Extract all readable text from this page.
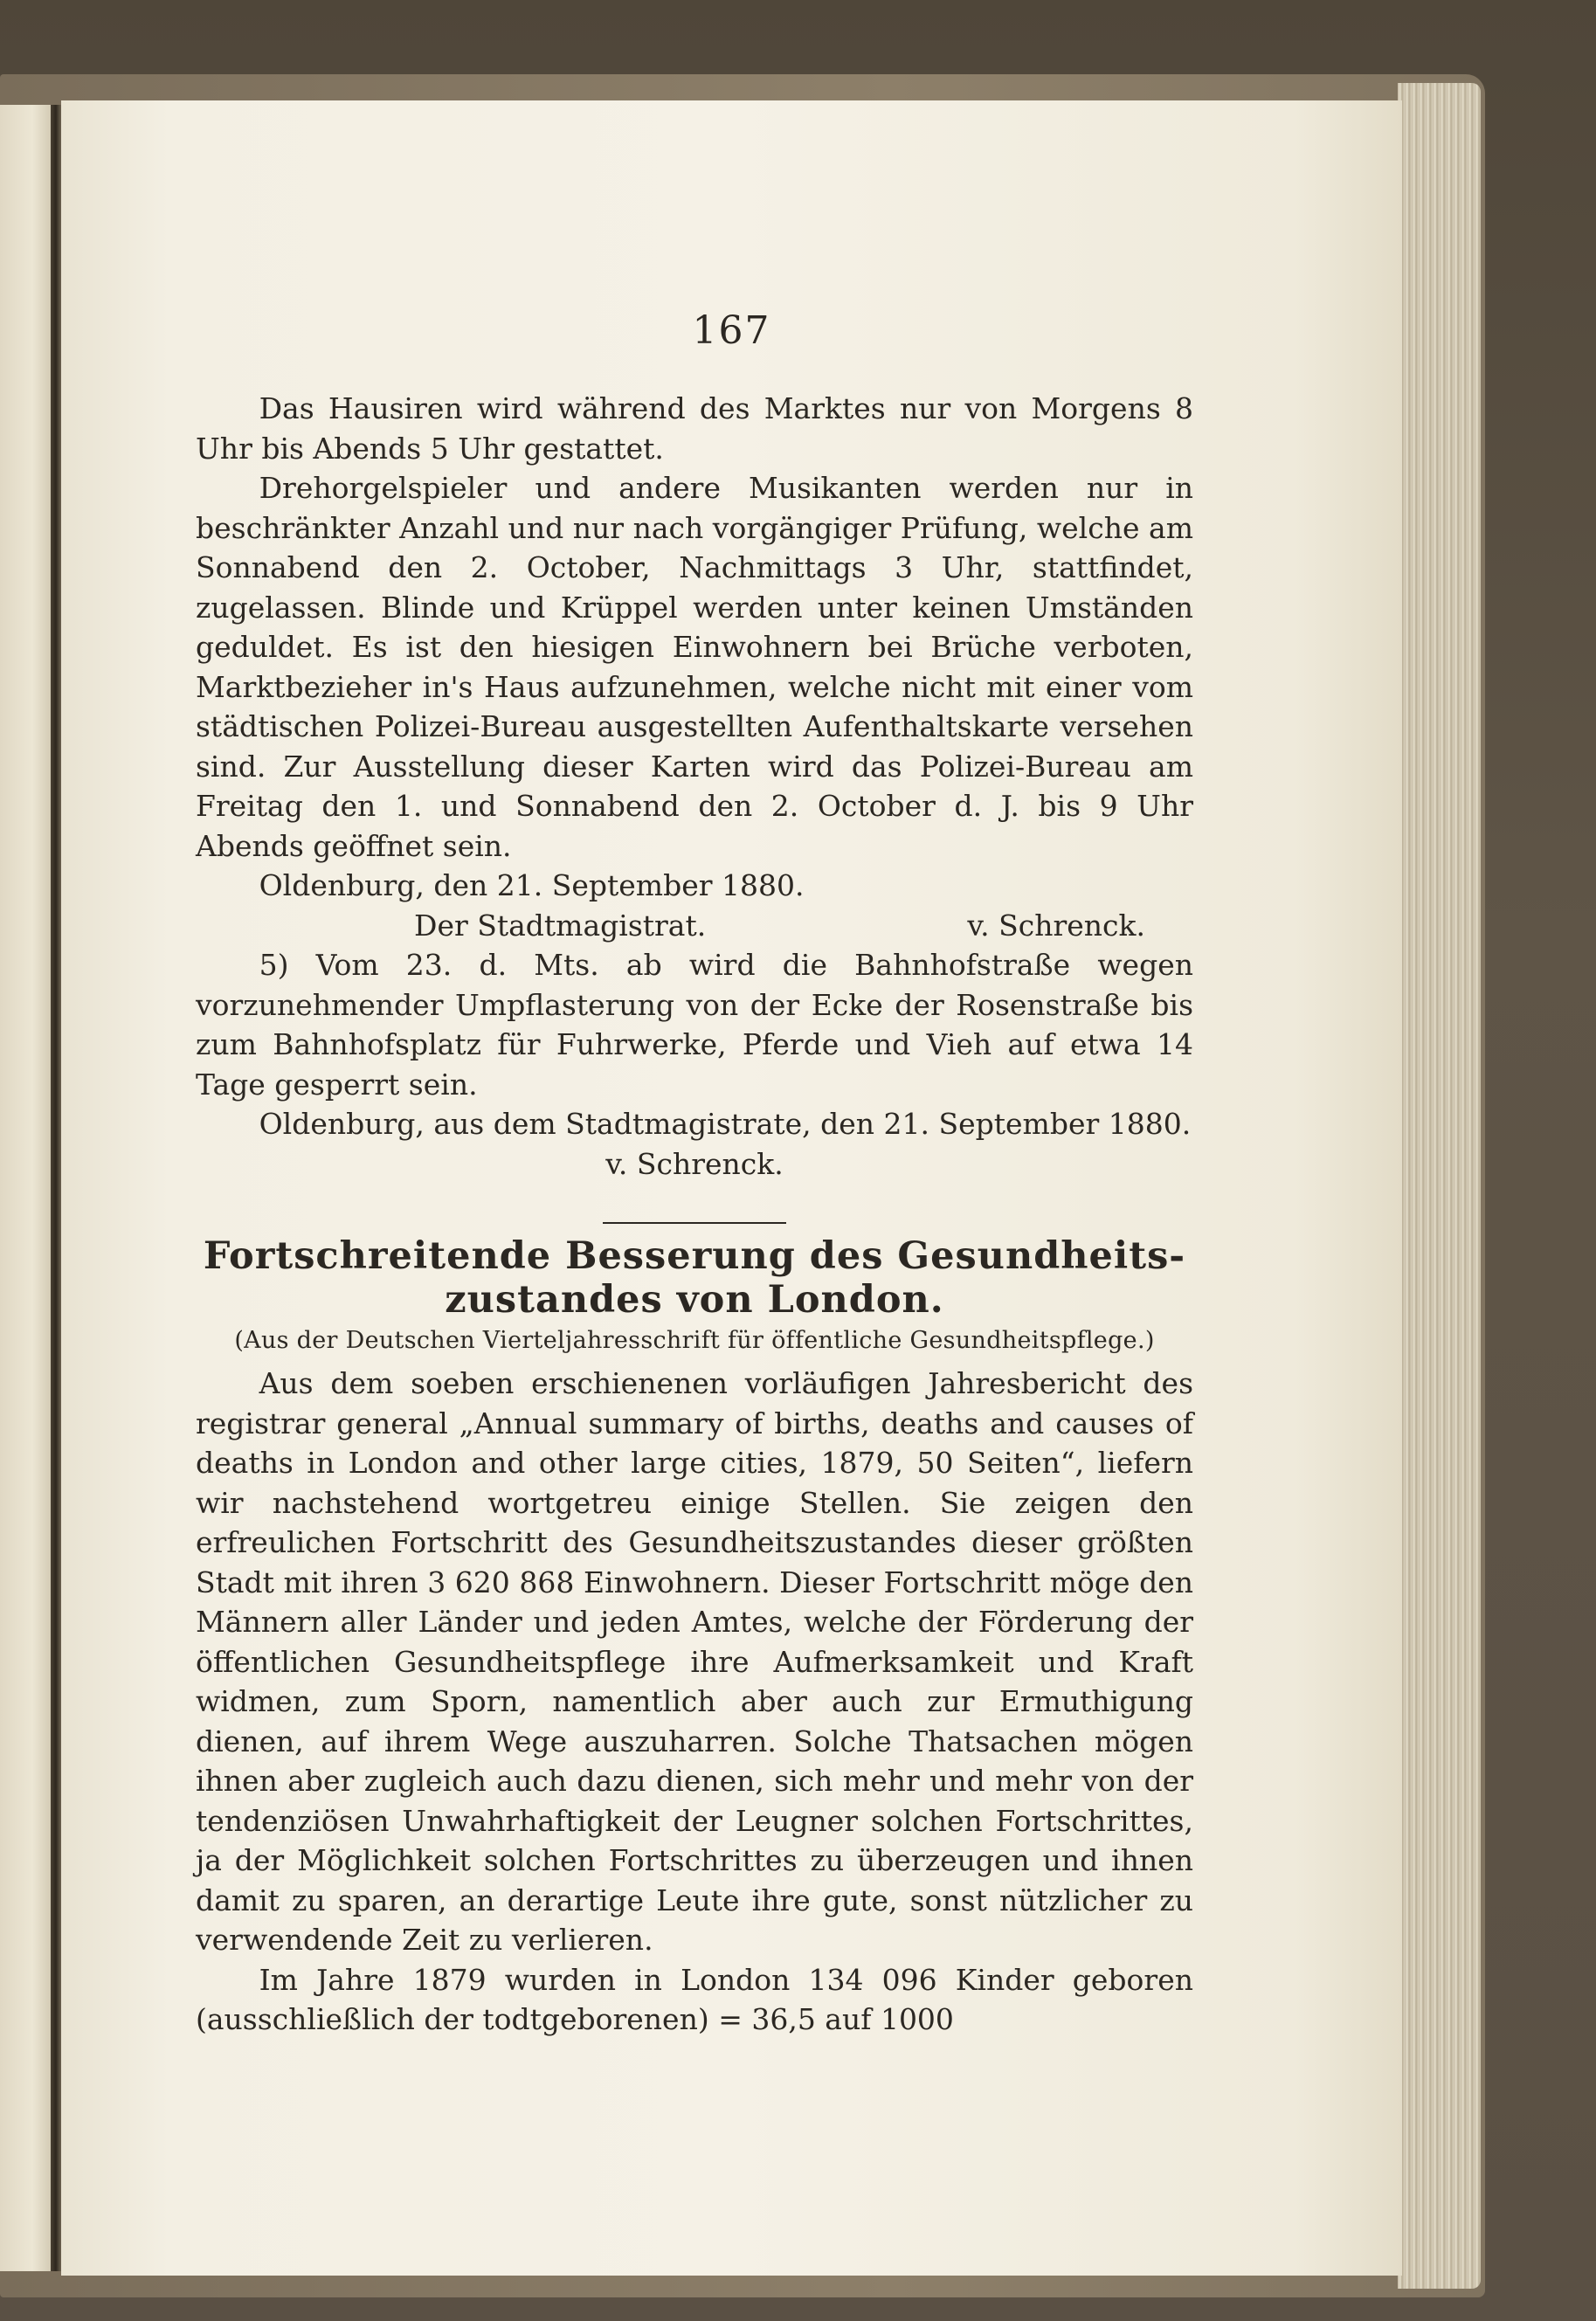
167

Das Hausiren wird während des Marktes nur von Morgens 8 Uhr bis Abends 5 Uhr gestattet.

Drehorgelspieler und andere Musikanten werden nur in beschränkter Anzahl und nur nach vorgängiger Prüfung, welche am Sonnabend den 2. October, Nachmittags 3 Uhr, stattfindet, zugelassen. Blinde und Krüppel werden unter keinen Umständen geduldet. Es ist den hiesigen Einwohnern bei Brüche verboten, Marktbezieher in's Haus aufzunehmen, welche nicht mit einer vom städtischen Polizei-Bureau ausgestellten Aufenthaltskarte versehen sind. Zur Ausstellung dieser Karten wird das Polizei-Bureau am Freitag den 1. und Sonnabend den 2. October d. J. bis 9 Uhr Abends geöffnet sein.

Oldenburg, den 21. September 1880.

Der Stadtmagistrat.	v. Schrenck.

5) Vom 23. d. Mts. ab wird die Bahnhofstraße wegen vorzunehmender Umpflasterung von der Ecke der Rosenstraße bis zum Bahnhofsplatz für Fuhrwerke, Pferde und Vieh auf etwa 14 Tage gesperrt sein.

Oldenburg, aus dem Stadtmagistrate, den 21. September 1880.

v. Schrenck.
Fortschreitende Besserung des Gesundheits-
zustandes von London.
(Aus der Deutschen Vierteljahresschrift für öffentliche Gesundheitspflege.)

Aus dem soeben erschienenen vorläufigen Jahresbericht des registrar general „Annual summary of births, deaths and causes of deaths in London and other large cities, 1879, 50 Seiten“, liefern wir nachstehend wortgetreu einige Stellen. Sie zeigen den erfreulichen Fortschritt des Gesundheitszustandes dieser größten Stadt mit ihren 3 620 868 Einwohnern. Dieser Fortschritt möge den Männern aller Länder und jeden Amtes, welche der Förderung der öffentlichen Gesundheitspflege ihre Aufmerksamkeit und Kraft widmen, zum Sporn, namentlich aber auch zur Ermuthigung dienen, auf ihrem Wege auszuharren. Solche Thatsachen mögen ihnen aber zugleich auch dazu dienen, sich mehr und mehr von der tendenziösen Unwahrhaftigkeit der Leugner solchen Fortschrittes, ja der Möglichkeit solchen Fortschrittes zu überzeugen und ihnen damit zu sparen, an derartige Leute ihre gute, sonst nützlicher zu verwendende Zeit zu verlieren.

Im Jahre 1879 wurden in London 134 096 Kinder geboren (ausschließlich der todtgeborenen) = 36,5 auf 1000
